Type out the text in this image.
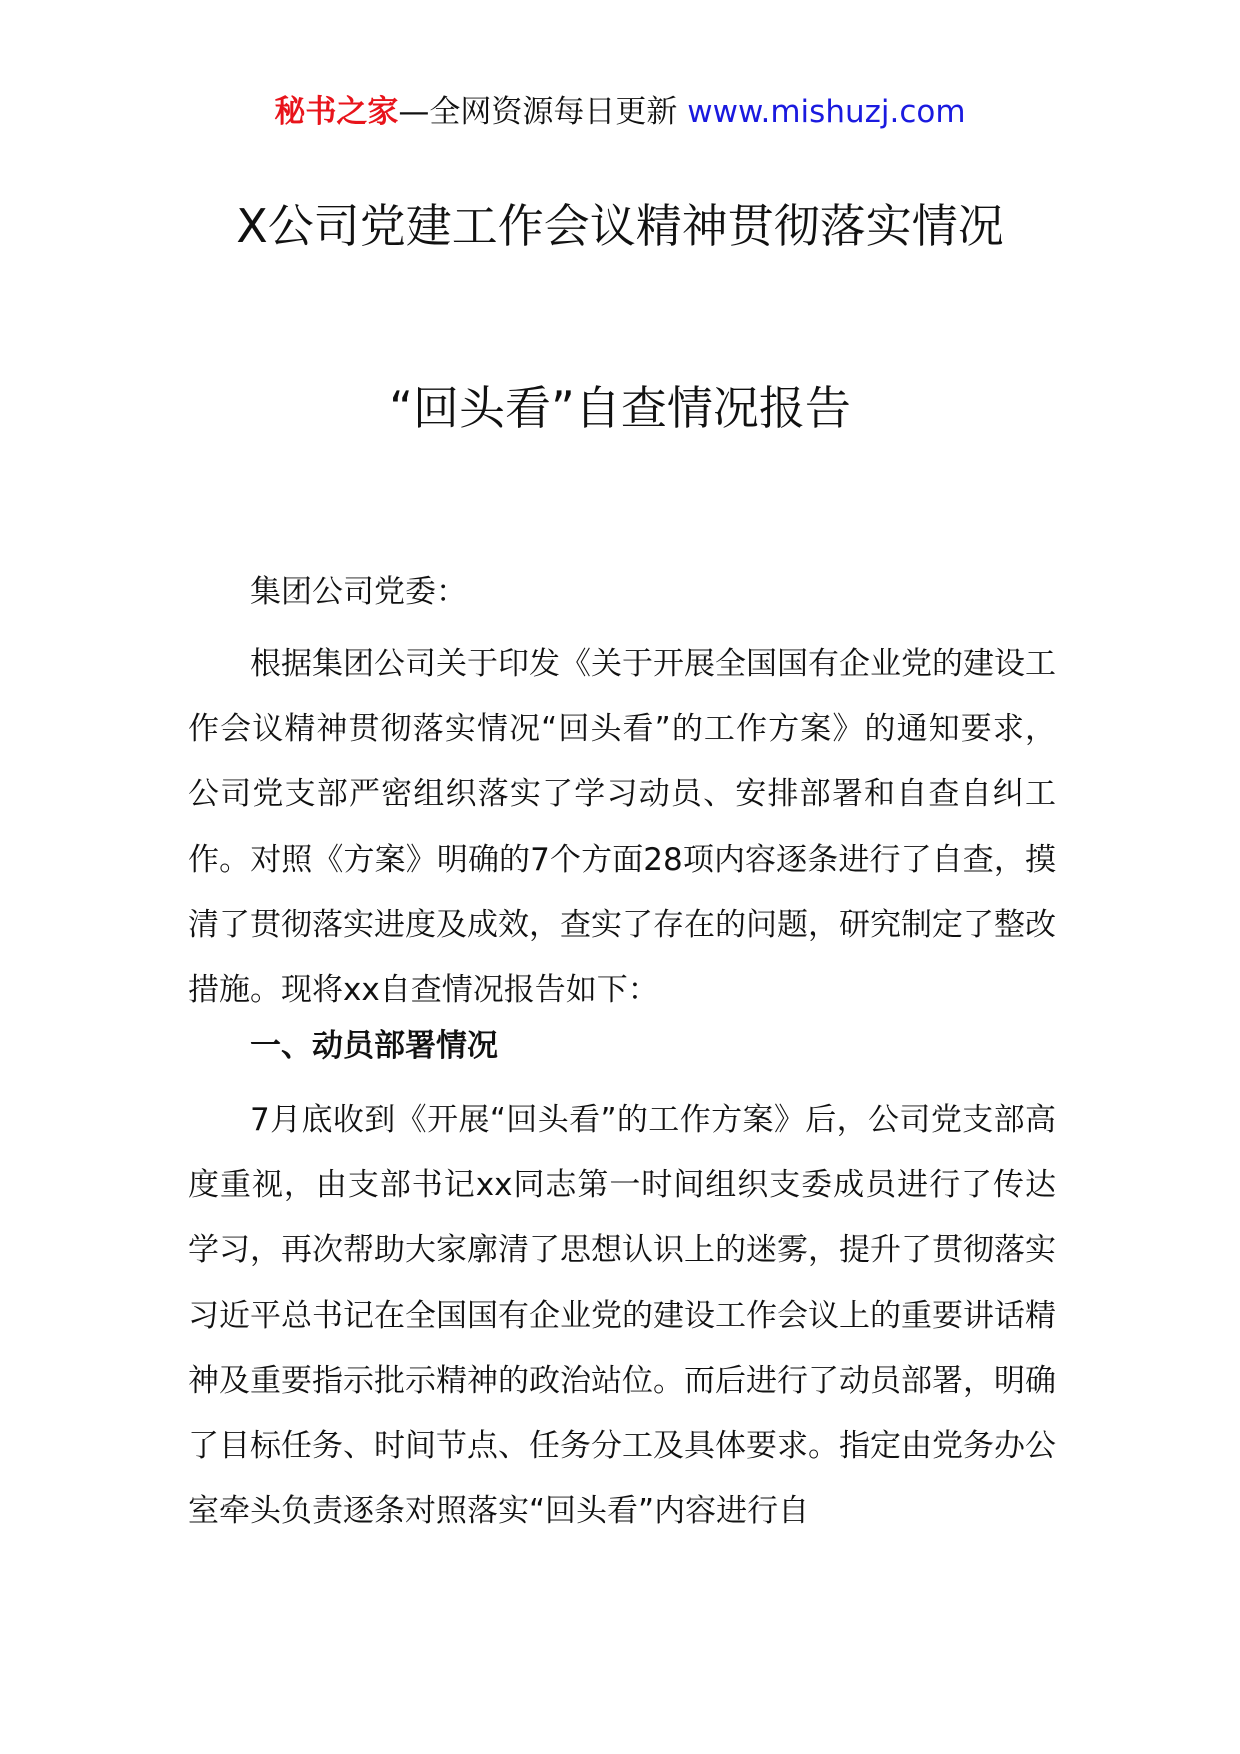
秘书之家—全网资源每日更新 www.mishuzj.com
X公司党建工作会议精神贯彻落实情况
“回头看”自查情况报告
集团公司党委：

根据集团公司关于印发《关于开展全国国有企业党的建设工作会议精神贯彻落实情况“回头看”的工作方案》的通知要求，公司党支部严密组织落实了学习动员、安排部署和自查自纠工作。对照《方案》明确的7个方面28项内容逐条进行了自查，摸清了贯彻落实进度及成效，查实了存在的问题，研究制定了整改措施。现将xx自查情况报告如下：

一、动员部署情况

7月底收到《开展“回头看”的工作方案》后，公司党支部高度重视，由支部书记xx同志第一时间组织支委成员进行了传达学习，再次帮助大家廓清了思想认识上的迷雾，提升了贯彻落实习近平总书记在全国国有企业党的建设工作会议上的重要讲话精神及重要指示批示精神的政治站位。而后进行了动员部署，明确了目标任务、时间节点、任务分工及具体要求。指定由党务办公室牵头负责逐条对照落实“回头看”内容进行自
